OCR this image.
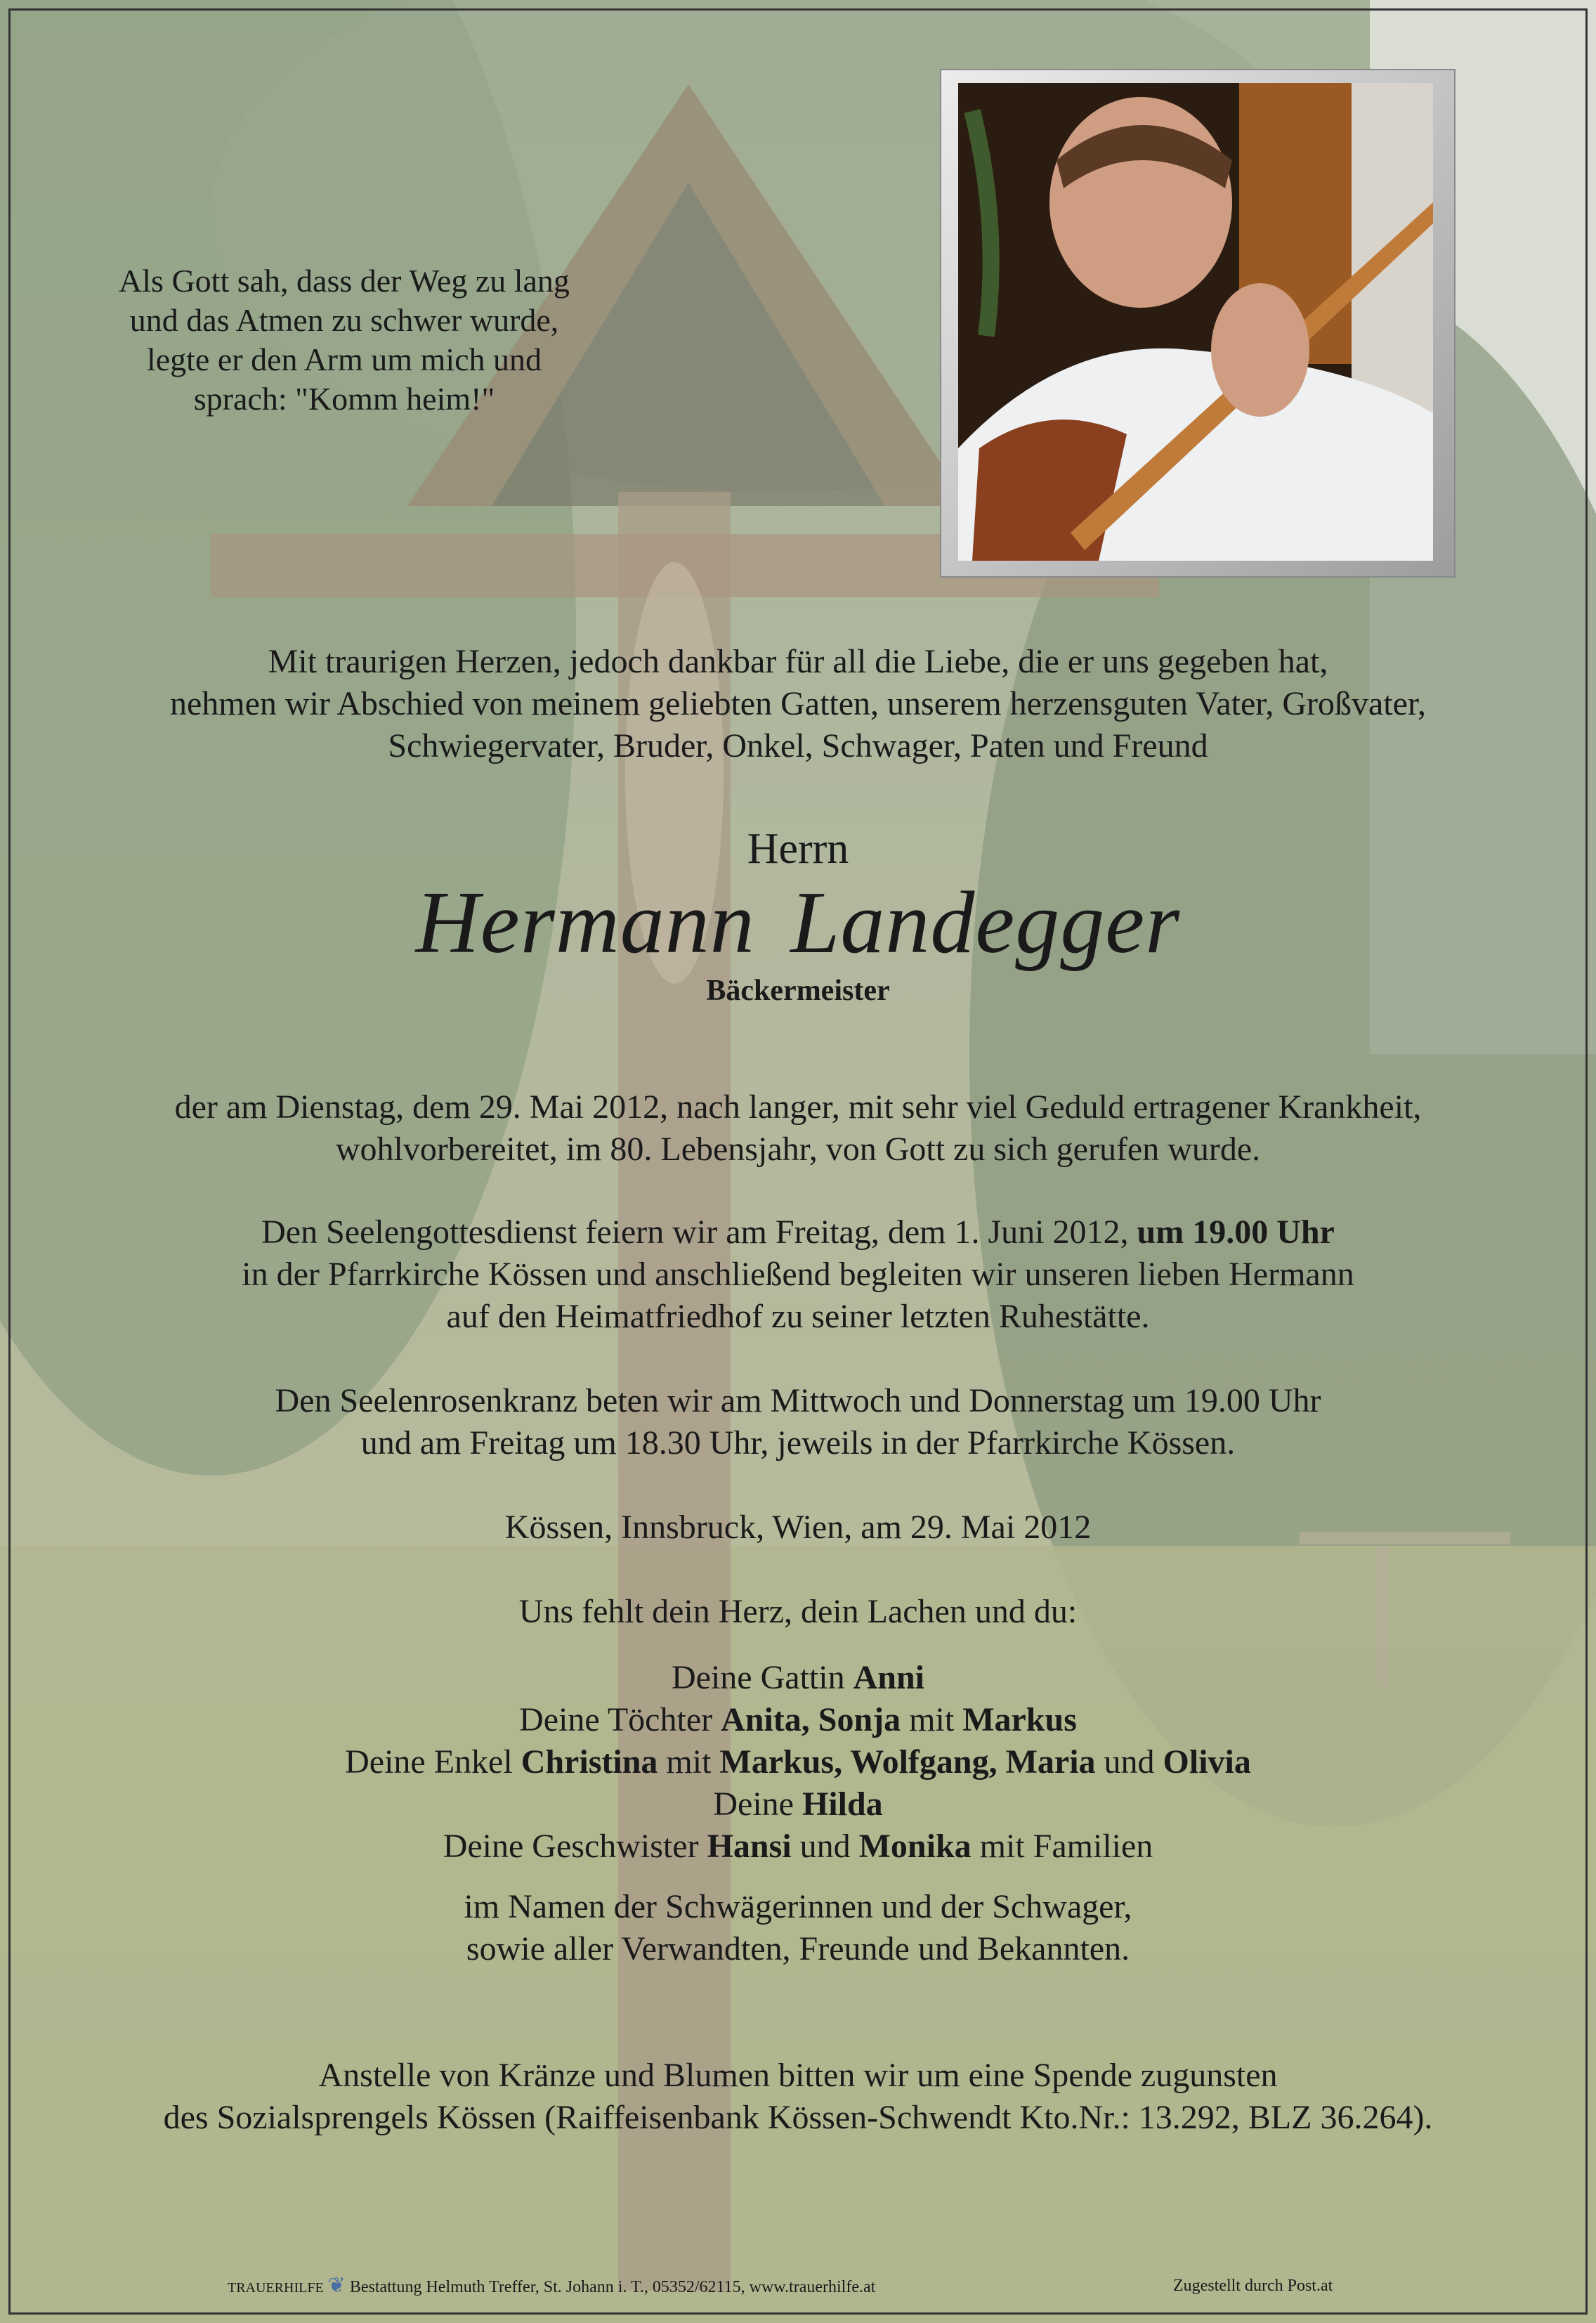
Als Gott sah, dass der Weg zu lang
und das Atmen zu schwer wurde,
legte er den Arm um mich und
sprach: "Komm heim!"

Mit traurigen Herzen, jedoch dankbar für all die Liebe, die er uns gegeben hat,

nehmen wir Abschied von meinem geliebten Gatten, unserem herzensguten Vater, Großvater,

Schwiegervater, Bruder, Onkel, Schwager, Paten und Freund

Herrn

Hermann Landegger

Bäckermeister

der am Dienstag, dem 29. Mai 2012, nach langer, mit sehr viel Geduld ertragener Krankheit,

wohlvorbereitet, im 80. Lebensjahr, von Gott zu sich gerufen wurde.

Den Seelengottesdienst feiern wir am Freitag, dem 1. Juni 2012, um 19.00 Uhr

in der Pfarrkirche Kössen und anschließend begleiten wir unseren lieben Hermann

auf den Heimatfriedhof zu seiner letzten Ruhestätte.

Den Seelenrosenkranz beten wir am Mittwoch und Donnerstag um 19.00 Uhr

und am Freitag um 18.30 Uhr, jeweils in der Pfarrkirche Kössen.

Kössen, Innsbruck, Wien, am 29. Mai 2012

Uns fehlt dein Herz, dein Lachen und du:

Deine Gattin Anni

Deine Töchter Anita, Sonja mit Markus

Deine Enkel Christina mit Markus, Wolfgang, Maria und Olivia

Deine Hilda

Deine Geschwister Hansi und Monika mit Familien

im Namen der Schwägerinnen und der Schwager,

sowie aller Verwandten, Freunde und Bekannten.

Anstelle von Kränze und Blumen bitten wir um eine Spende zugunsten

des Sozialsprengels Kössen (Raiffeisenbank Kössen-Schwendt Kto.Nr.: 13.292, BLZ 36.264).

TRAUERHILFE ❦ Bestattung Helmuth Treffer, St. Johann i. T., 05352/62115, www.trauerhilfe.at	Zugestellt durch Post.at
